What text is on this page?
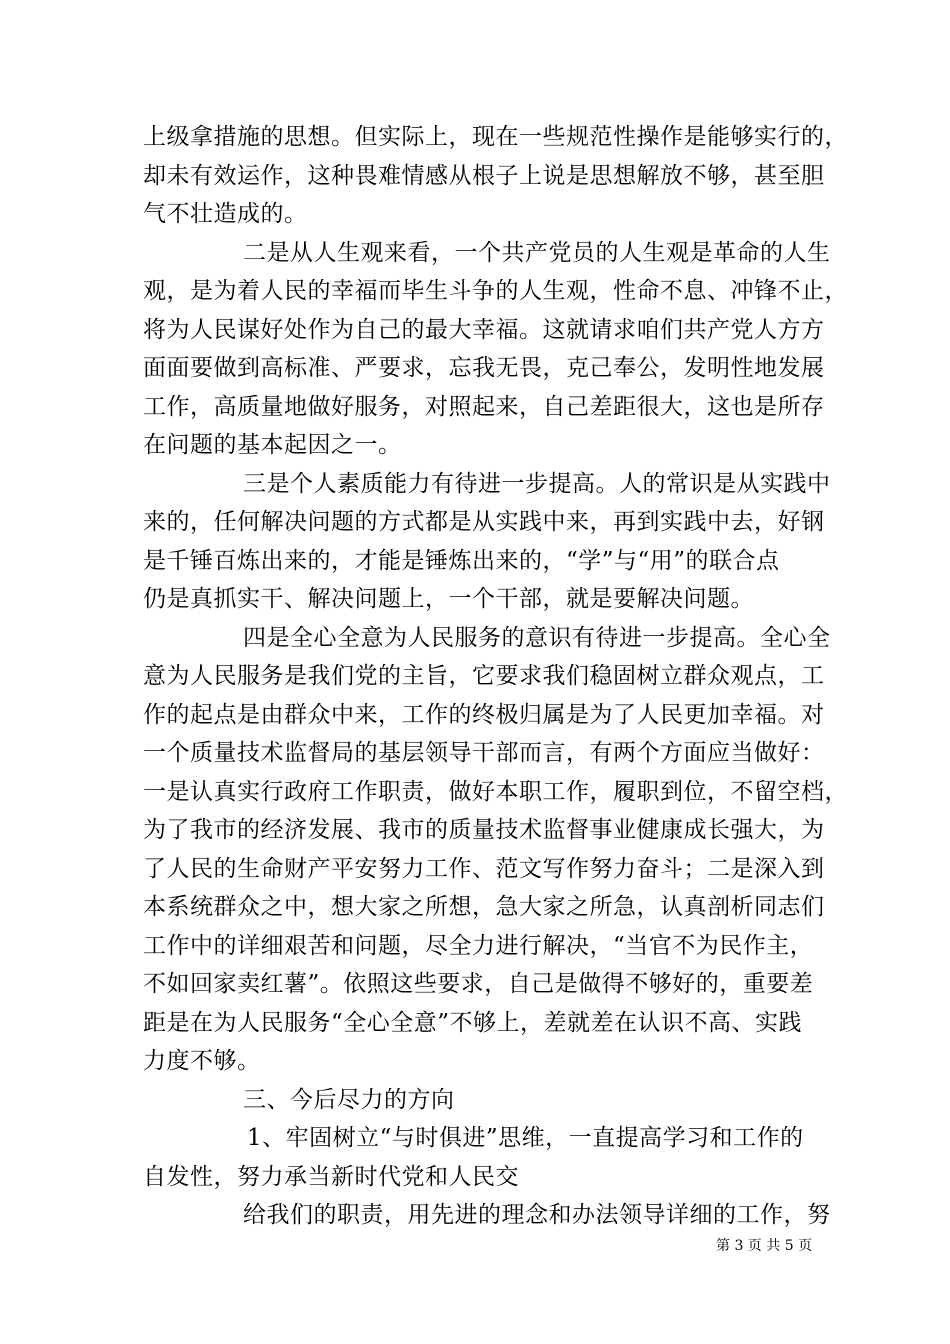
上级拿措施的思想。但实际上，现在一些规范性操作是能够实行的，
却未有效运作，这种畏难情感从根子上说是思想解放不够，甚至胆
气不壮造成的。
二是从人生观来看，一个共产党员的人生观是革命的人生
观，是为着人民的幸福而毕生斗争的人生观，性命不息、冲锋不止，
将为人民谋好处作为自己的最大幸福。这就请求咱们共产党人方方
面面要做到高标准、严要求，忘我无畏，克己奉公，发明性地发展
工作，高质量地做好服务，对照起来，自己差距很大，这也是所存
在问题的基本起因之一。
三是个人素质能力有待进一步提高。人的常识是从实践中
来的，任何解决问题的方式都是从实践中来，再到实践中去，好钢
是千锤百炼出来的，才能是锤炼出来的，“学”与“用”的联合点
仍是真抓实干、解决问题上，一个干部，就是要解决问题。
四是全心全意为人民服务的意识有待进一步提高。全心全
意为人民服务是我们党的主旨，它要求我们稳固树立群众观点，工
作的起点是由群众中来，工作的终极归属是为了人民更加幸福。对
一个质量技术监督局的基层领导干部而言，有两个方面应当做好：
一是认真实行政府工作职责，做好本职工作，履职到位，不留空档，
为了我市的经济发展、我市的质量技术监督事业健康成长强大，为
了人民的生命财产平安努力工作、范文写作努力奋斗；二是深入到
本系统群众之中，想大家之所想，急大家之所急，认真剖析同志们
工作中的详细艰苦和问题，尽全力进行解决，“当官不为民作主，
不如回家卖红薯”。依照这些要求，自己是做得不够好的，重要差
距是在为人民服务“全心全意”不够上，差就差在认识不高、实践
力度不够。
三、今后尽力的方向
1、牢固树立“与时俱进”思维，一直提高学习和工作的
自发性，努力承当新时代党和人民交
给我们的职责，用先进的理念和办法领导详细的工作，努
第 3 页 共 5 页
